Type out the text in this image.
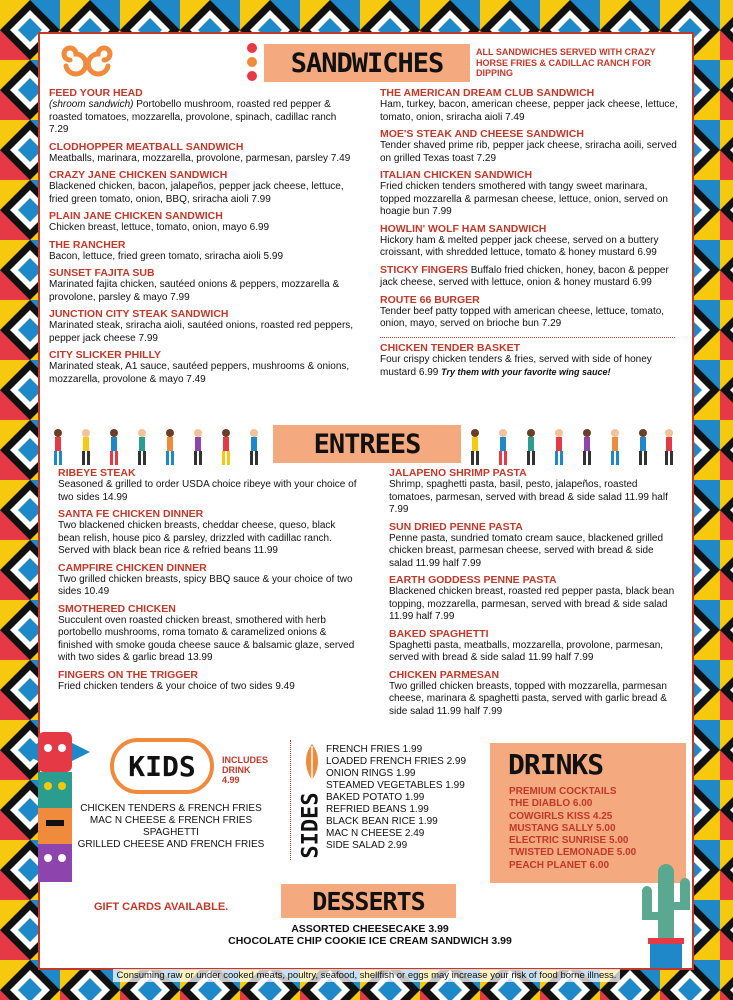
SANDWICHES	ALL SANDWICHES SERVED WITH CRAZY HORSE FRIES & CADILLAC RANCH FOR DIPPING
FEED YOUR HEAD
(shroom sandwich) Portobello mushroom, roasted red pepper & roasted tomatoes, mozzarella, provolone, spinach, cadillac ranch 7.29
CLODHOPPER MEATBALL SANDWICH
Meatballs, marinara, mozzarella, provolone, parmesan, parsley 7.49
CRAZY JANE CHICKEN SANDWICH
Blackened chicken, bacon, jalapeños, pepper jack cheese, lettuce, fried green tomato, onion, BBQ, sriracha aioli 7.99
PLAIN JANE CHICKEN SANDWICH
Chicken breast, lettuce, tomato, onion, mayo 6.99
THE RANCHER
Bacon, lettuce, fried green tomato, sriracha aioli 5.99
SUNSET FAJITA SUB
Marinated fajita chicken, sautéed onions & peppers, mozzarella & provolone, parsley & mayo 7.99
JUNCTION CITY STEAK SANDWICH
Marinated steak, sriracha aioli, sautéed onions, roasted red peppers, pepper jack cheese 7.99
CITY SLICKER PHILLY
Marinated steak, A1 sauce, sautéed peppers, mushrooms & onions, mozzarella, provolone & mayo 7.49
THE AMERICAN DREAM CLUB SANDWICH
Ham, turkey, bacon, american cheese, pepper jack cheese, lettuce, tomato, onion, sriracha aioli 7.49
MOE'S STEAK AND CHEESE SANDWICH
Tender shaved prime rib, pepper jack cheese, sriracha aoili, served on grilled Texas toast 7.29
ITALIAN CHICKEN SANDWICH
Fried chicken tenders smothered with tangy sweet marinara, topped mozzarella & parmesan cheese, lettuce, onion, served on hoagie bun 7.99
HOWLIN' WOLF HAM SANDWICH
Hickory ham & melted pepper jack cheese, served on a buttery croissant, with shredded lettuce, tomato & honey mustard 6.99
STICKY FINGERS Buffalo fried chicken, honey, bacon & pepper jack cheese, served with lettuce, onion & honey mustard 6.99
ROUTE 66 BURGER
Tender beef patty topped with american cheese, lettuce, tomato, onion, mayo, served on brioche bun 7.29
CHICKEN TENDER BASKET
Four crispy chicken tenders & fries, served with side of honey mustard 6.99 Try them with your favorite wing sauce!
ENTREES
RIBEYE STEAK
Seasoned & grilled to order USDA choice ribeye with your choice of two sides 14.99
SANTA FE CHICKEN DINNER
Two blackened chicken breasts, cheddar cheese, queso, black bean relish, house pico & parsley, drizzled with cadillac ranch. Served with black bean rice & refried beans 11.99
CAMPFIRE CHICKEN DINNER
Two grilled chicken breasts, spicy BBQ sauce & your choice of two sides 10.49
SMOTHERED CHICKEN
Succulent oven roasted chicken breast, smothered with herb portobello mushrooms, roma tomato & caramelized onions & finished with smoke gouda cheese sauce & balsamic glaze, served with two sides & garlic bread 13.99
FINGERS ON THE TRIGGER
Fried chicken tenders & your choice of two sides 9.49
JALAPENO SHRIMP PASTA
Shrimp, spaghetti pasta, basil, pesto, jalapeños, roasted tomatoes, parmesan, served with bread & side salad 11.99 half 7.99
SUN DRIED PENNE PASTA
Penne pasta, sundried tomato cream sauce, blackened grilled chicken breast, parmesan cheese, served with bread & side salad 11.99 half 7.99
EARTH GODDESS PENNE PASTA
Blackened chicken breast, roasted red pepper pasta, black bean topping, mozzarella, parmesan, served with bread & side salad 11.99 half 7.99
BAKED SPAGHETTI
Spaghetti pasta, meatballs, mozzarella, provolone, parmesan, served with bread & side salad 11.99 half 7.99
CHICKEN PARMESAN
Two grilled chicken breasts, topped with mozzarella, parmesan cheese, marinara & spaghetti pasta, served with garlic bread & side salad 11.99 half 7.99
KIDS	INCLUDES
DRINK
4.99
CHICKEN TENDERS & FRENCH FRIES
MAC N CHEESE & FRENCH FRIES
SPAGHETTI
GRILLED CHEESE AND FRENCH FRIES	SIDES
FRENCH FRIES 1.99
LOADED FRENCH FRIES 2.99
ONION RINGS 1.99
STEAMED VEGETABLES 1.99
BAKED POTATO 1.99
REFRIED BEANS 1.99
BLACK BEAN RICE 1.99
MAC N CHEESE 2.49
SIDE SALAD 2.99
DRINKS
PREMIUM COCKTAILS
THE DIABLO 6.00
COWGIRLS KISS 4.25
MUSTANG SALLY 5.00
ELECTRIC SUNRISE 5.00
TWISTED LEMONADE 5.00
PEACH PLANET 6.00
GIFT CARDS AVAILABLE.	DESSERTS
ASSORTED CHEESECAKE 3.99
CHOCOLATE CHIP COOKIE ICE CREAM SANDWICH 3.99
Consuming raw or under cooked meats, poultry, seafood, shellfish or eggs may increase your risk of food borne illness.
